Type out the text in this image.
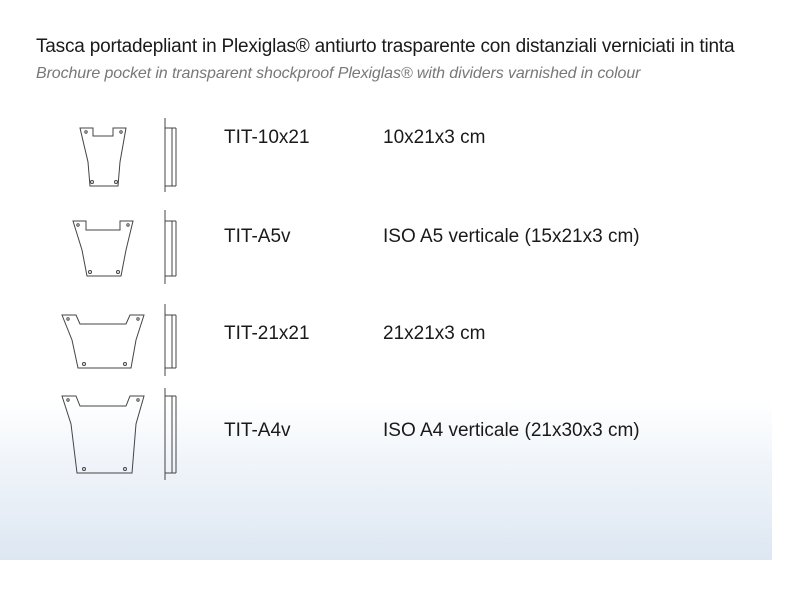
Tasca portadepliant in Plexiglas® antiurto trasparente con distanziali verniciati in tinta
Brochure pocket in transparent shockproof Plexiglas® with dividers varnished in colour
TIT-10x21	10x21x3 cm
TIT-A5v	ISO A5 verticale (15x21x3 cm)
TIT-21x21	21x21x3 cm
TIT-A4v	ISO A4 verticale (21x30x3 cm)
